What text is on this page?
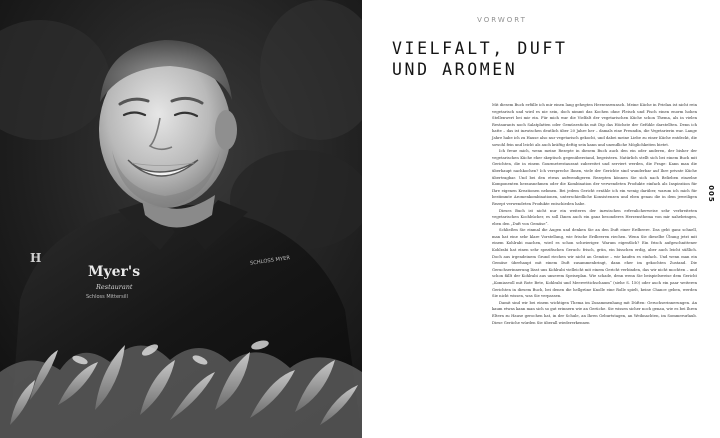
Myer's
Restaurant
Schloss Mittersill
SCHLOSS MYER
H
VORWORT
VIELFALT, DUFT
UND AROMEN
005

Mit diesem Buch erfülle ich mir einen lang gehegten Herzenswunsch. Meine Küche in Prielau ist nicht rein vegetarisch und wird es nie sein, doch nimmt das Kochen ohne Fleisch und Fisch einen enorm hohen Stellenwert bei mir ein. Für mich war die Vielfalt der vegetarischen Küche schon Thema, als in vielen Restaurants noch Salatplatten oder Gemüsesticks mit Dip das Höchste der Gefühle darstellten. Denn ich hatte – das ist inzwischen deutlich über 20 Jahre her – damals eine Freundin, die Vegetarierin war. Lange Jahre habe ich zu Hause also nur vegetarisch gekocht, und dabei meine Liebe zu einer Küche entdeckt, die sowohl fein und leicht als auch kräftig deftig sein kann und unendliche Möglichkeiten bietet.

Ich freue mich, wenn meine Rezepte in diesem Buch auch den ein oder anderen, der bisher der vegetarischen Küche eher skeptisch gegenüberstand, begeistern. Natürlich stellt sich bei einem Buch mit Gerichten, die in einem Gourmetrestaurant zubereitet und serviert werden, die Frage: Kann man die überhaupt nachkochen? Ich verspreche Ihnen, viele der Gerichte sind wunderbar auf Ihre private Küche übertragbar. Und bei den etwas aufwendigeren Rezepten können Sie sich nach Belieben einzelne Komponenten herausnehmen oder die Kombination der verwendeten Produkte einfach als Inspiration für Ihre eigenen Kreationen nehmen. Bei jedem Gericht erzähle ich ein wenig darüber, warum ich mich für bestimmte Aromenkombinationen, unterschiedliche Konsistenzen und eben genau die in dem jeweiligen Rezept verwendeten Produkte entschieden habe.

Dieses Buch ist nicht nur ein weiteres der inzwischen erfreulicherweise sehr verbreiteten vegetarischen Kochbücher, es soll Ihnen auch ein ganz besonderes Herzensthema von mir nahebringen, eben den „Duft von Gemüse“.

Schließen Sie einmal die Augen und denken Sie an den Duft einer Erdbeere. Das geht ganz schnell, man hat eine sehr klare Vorstellung, wie frische Erdbeeren riechen. Wenn Sie dieselbe Übung jetzt mit einem Kohlrabi machen, wird es schon schwieriger. Warum eigentlich? Ein frisch aufgeschnittener Kohlrabi hat einen sehr spezifischen Geruch: frisch, grün, ein bisschen erdig, aber auch leicht süßlich. Doch aus irgendeinem Grund riechen wir nicht an Gemüse – wir kaufen es einfach. Und wenn man ein Gemüse überhaupt mit einem Duft zusammenbringt, dann eher im gekochten Zustand. Die Geruchserinnerung lässt uns Kohlrabi vielleicht mit einem Gericht verbinden, das wir nicht mochten – und schon fällt der Kohlrabi aus unserem Speiseplan. Wie schade, denn wenn Sie beispielsweise dem Gericht „Komiasvoll mit Rote Bete, Kohlrabi und Meerrettichschaum“ (siehe S. 150) oder auch ein paar weiteren Gerichten in diesem Buch, bei denen die hellgrüne Knolle eine Rolle spielt, keine Chance geben, werden Sie nicht wissen, was Sie verpassen.

Damit sind wir bei einem wichtigen Thema im Zusammenhang mit Düften: Geruchserinnerungen. An kaum etwas kann man sich so gut erinnern wie an Gerüche. Sie wissen sicher noch genau, wie es bei Ihren Eltern zu Hause gerochen hat, in der Schule, an Ihren Geburtstagen, an Weihnachten, im Sommerurlaub. Diese Gerüche würden Sie überall wiedererkennen
